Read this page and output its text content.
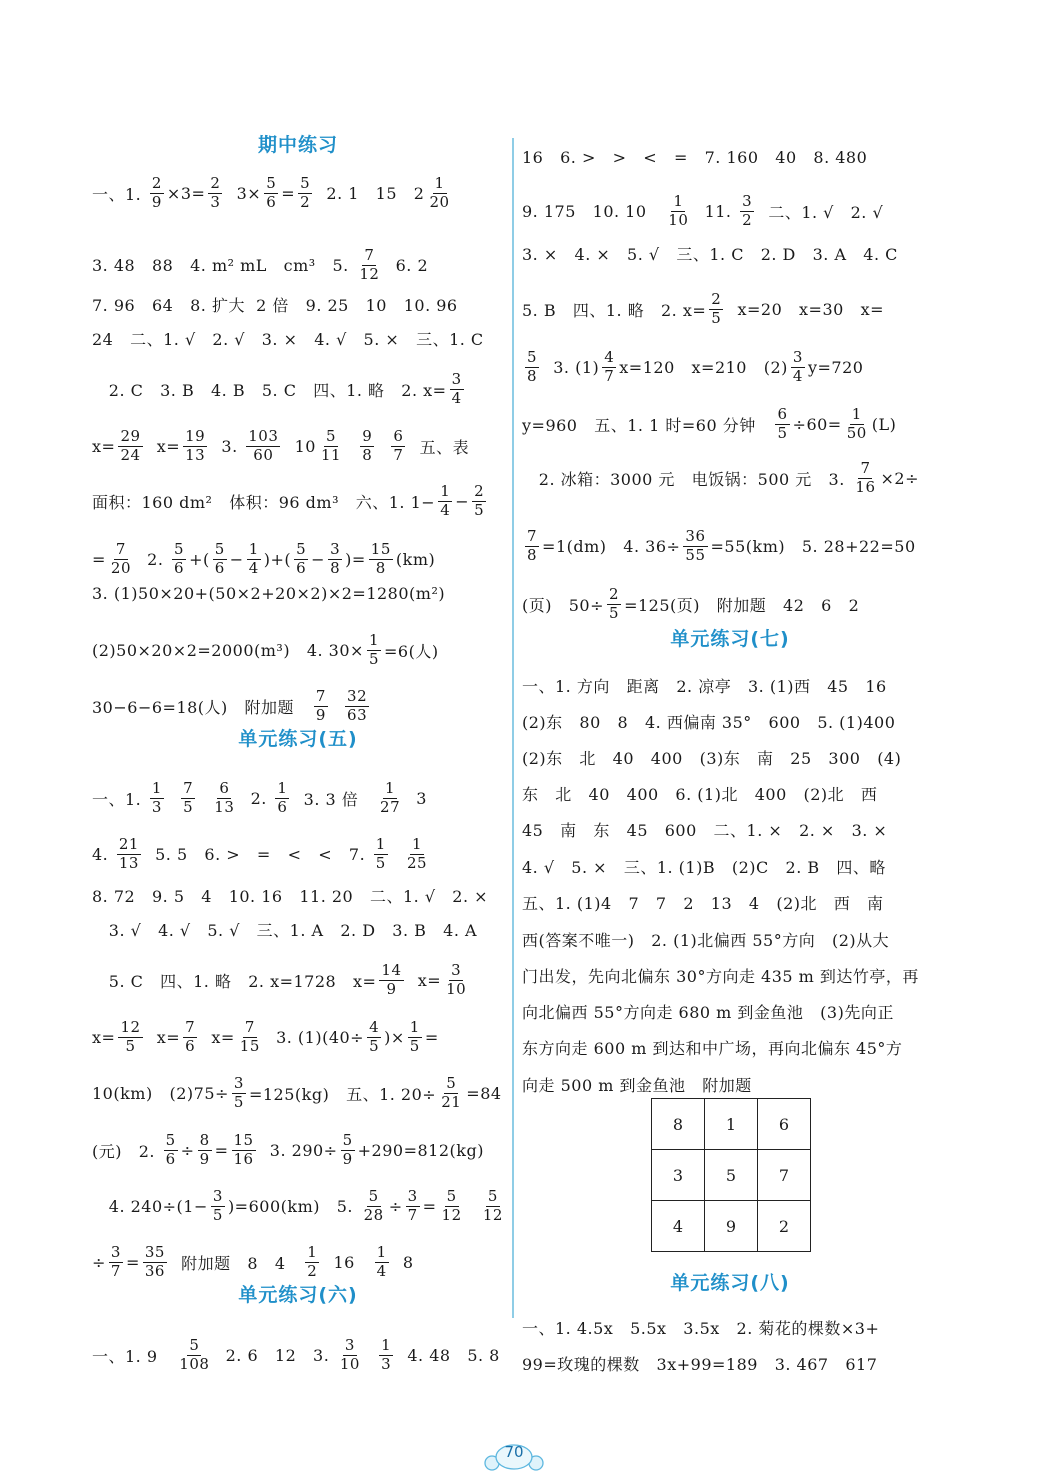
期中练习
一、1. $\frac{2}{9} \times 3= \frac{2}{3} 3\times \frac{5}{6} = \frac{5}{2} 2$. 1   15   $2 \frac{1}{20}$
3. 48   88   4. m² mL   cm³   5. $\frac{7}{12} 6$. 2
7. 96   64   8. 扩大  2 倍   9. 25   10   10. 96
24   二、1. √   2. √   3. ×   4. √   5. ×   三、1. C
2. C   3. B   4. B   5. C   四、1. 略   2. $x= \frac{3}{4}$
$x= \frac{29}{24} x= \frac{19}{13} 3$. $\frac{103}{60} 10 \frac{5}{11}$
$\frac{9}{8}$
$\frac{6}{7}$ 五、表
面积：160 dm²   体积：96 dm³   六、1. $1- \frac{1}{4} - \frac{2}{5}$
= $\frac{7}{20} 2$. $\frac{5}{6}$ +( $\frac{5}{6} - \frac{1}{4}$ )+( $\frac{5}{6} - \frac{3}{8}$ )= $\frac{15}{8} (km)$
3. (1)50×20+(50×2+20×2)×2=1280(m²)
(2)50×20×2=2000(m³)   4. $30\times \frac{1}{5} =6$(人)
30−6−6=18(人)   附加题 $\frac{7}{9}$
$\frac{32}{63}$
单元练习(五)
一、1. $\frac{1}{3}$
$\frac{7}{5}$
$\frac{6}{13} 2$. $\frac{1}{6} 3$. 3 倍 $\frac{1}{27} 3$
4. $\frac{21}{13} 5$. 5   6. >   =   <   <   7. $\frac{1}{5}$
$\frac{1}{25}$
8. 72   9. 5   4   10. 16   11. 20   二、1. √   2. ×
3. √   4. √   5. √   三、1. A   2. D   3. B   4. A
5. C   四、1. 略   2. x=1728   $x= \frac{14}{9} x= \frac{3}{10}$
$x= \frac{12}{5} x= \frac{7}{6} x= \frac{7}{15} 3$. $(1)(40\div \frac{4}{5}$ )× $\frac{1}{5}$ =
10(km)   $(2)75\div \frac{3}{5} =125(kg)$   五、1. $20\div \frac{5}{21} =84$
(元)   2. $\frac{5}{6} \div \frac{8}{9} = \frac{15}{16} 3$. $290\div \frac{5}{9} +290=812(kg)$
4. $240\div(1- \frac{3}{5} )=600(km)$   5. $\frac{5}{28} \div \frac{3}{7} = \frac{5}{12}$
$\frac{5}{12}$
÷ $\frac{3}{7} = \frac{35}{36}$ 附加题   8   $4 \frac{1}{2} 16 \frac{1}{4} 8$
单元练习(六)
一、1. $9 \frac{5}{108} 2$. 6   12   3. $\frac{3}{10}$
$\frac{1}{3} 4$. 48   5. 8
16   6. >   >   <   =   7. 160   40   8. 480
9. 175   10. $10 \frac{1}{10} 11$. $\frac{3}{2}$ 二、1. √   2. √
3. ×   4. ×   5. √   三、1. C   2. D   3. A   4. C
5. B   四、1. 略   2. $x= \frac{2}{5} x=20$   x=30   x=
$\frac{5}{8} 3$. $(1) \frac{4}{7} x=120$   x=210   $(2) \frac{3}{4} y=720$
y=960   五、1. 1 时=60 分钟 $\frac{6}{5} \div 60= \frac{1}{50} (L)$
2. 冰箱：3000 元   电饭锅：500 元   3. $\frac{7}{16} \times 2\div$
$\frac{7}{8} =1(dm)$   4. $36\div \frac{36}{55} =55(km)$   5. 28+22=50
(页)   $50\div \frac{2}{5} =125$(页)   附加题   42   6   2
单元练习(七)
一、1. 方向   距离   2. 凉亭   3. (1)西   45   16
(2)东   80   8   4. 西偏南 35°   600   5. (1)400
(2)东   北   40   400   (3)东   南   25   300   (4)
东   北   40   400   6. (1)北   400   (2)北   西
45   南   东   45   600   二、1. ×   2. ×   3. ×
4. √   5. ×   三、1. (1)B   (2)C   2. B   四、略
五、1. (1)4   7   7   2   13   4   (2)北   西   南
西(答案不唯一)   2. (1)北偏西 55°方向   (2)从大
门出发，先向北偏东 30°方向走 435 m 到达竹亭，再
向北偏西 55°方向走 680 m 到金鱼池   (3)先向正
东方向走 600 m 到达和中广场，再向北偏东 45°方
向走 500 m 到金鱼池   附加题
单元练习(八)
一、1. 4.5x   5.5x   3.5x   2. 菊花的棵数×3+
99=玫瑰的棵数   3x+99=189   3. 467   617
8	1	6
3	5	7
4	9	2
70
